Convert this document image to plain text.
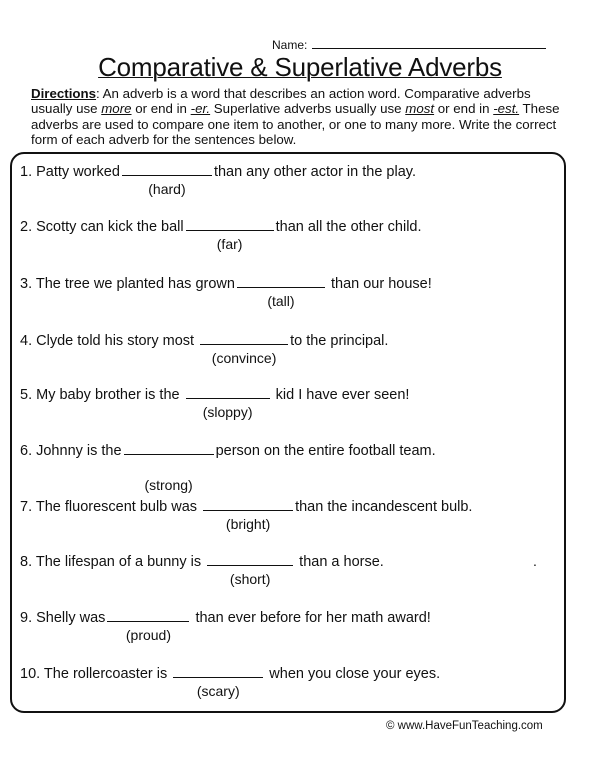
Name:
Comparative & Superlative Adverbs
Directions: An adverb is a word that describes an action word. Comparative adverbs usually use more or end in -er. Superlative adverbs usually use most or end in -est. These adverbs are used to compare one item to another, or one to many more. Write the correct form of each adverb for the sentences below.
1. Patty worked
(hard)
than any other actor in the play.
2. Scotty can kick the ball
(far)
than all the other child.
3. The tree we planted has grown
(tall)
than our house!
4. Clyde told his story most
(convince)
to the principal.
5. My baby brother is the
(sloppy)
kid I have ever seen!
6. Johnny is the
(strong)
person on the entire football team.
7. The fluorescent bulb was
(bright)
than the incandescent bulb.
8. The lifespan of a bunny is
(short)
than a horse.
9. Shelly was
(proud)
than ever before for her math award!
10. The rollercoaster is
(scary)
when you close your eyes.
.
© www.HaveFunTeaching.com
